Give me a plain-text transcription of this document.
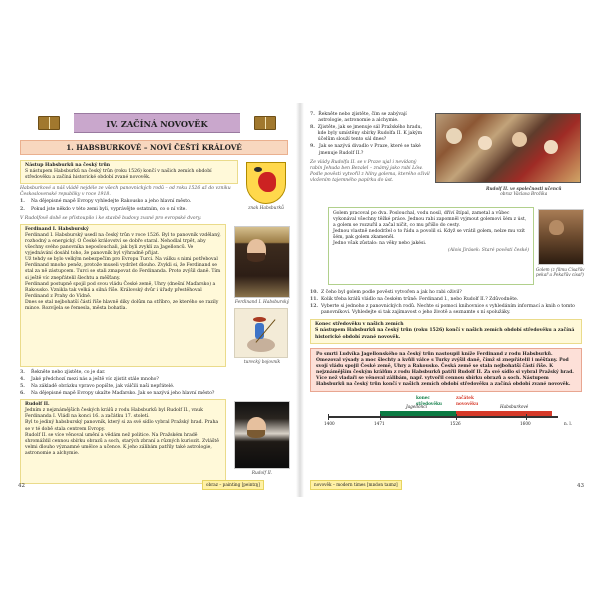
IV. ZAČÍNÁ NOVOVĚK
1. HABSBURKOVÉ – NOVÍ ČEŠTÍ KRÁLOVÉ

Nástup Habsburků na český trůn

S nástupem Habsburků na český trůn (roku 1526) končí v našich zemích období středověku a začíná historické období zvané novověk.

Habsburkové a náš vládě nejdéle ze všech panovnických rodů – od roku 1526 až do vzniku Československé republiky v roce 1918.

1.	Na dějepisné mapě Evropy vyhledejte Rakousko a jeho hlavní město.
2.	Pokud jste někdo v této zemi byli, vyprávějte ostatním, co o ní víte.	znak Habsburků

V Rudolfově době se přistoupilo i ke stavbě budovy zvané pro evropské dvory.

Ferdinand I. Habsburský

Ferdinand I. Habsburský usedl na český trůn v roce 1526. Byl to panovník vzdělaný, rozhodný a energický. O České království se dobře staral. Nehodlal trpět, aby všechny svého panovníka neposlouchali, jak byli zvyklí za Jagellonců. Ve vyjednávání dosáhl toho, že panovník byl výhradně přijat.

Už tehdy se bylo velkým nebezpečím pro Evropu Turci. Na válku s nimi potřeboval Ferdinand mnoho peněz, protože museli vydržet dlouho. Zvykli si, že Ferdinand se stal za ně zástupcem. Turci se stali zmapovat do Ferdinanda. Proto zvýšil daně. Tím si ještě víc znepřátelil šlechtu a měšťany.

Ferdinand postupně spojil pod svou vládu České země, Uhry (dnešní Maďarsko) a Rakousko. Vznikla tak velká a silná říše. Královský dvůr i úřady přestěhoval Ferdinand z Prahy do Vídně.

Dnes se stal nejbohatší částí říše hlavně díky dolům na stříbro, ze kterého se razily mince. Rozvíjela se řemesla, města bohatla.

Ferdinand I. Habsburský
turecký bojovník
3.	Řekněte nebo zjistěte, co je dar.
4.	Jaké předchozí mezi nás a ještě víc zjistit stále mnoho?
5.	Na základě obrázku vpravo popište, jak válčili naši nepřátelé.
6.	Na dějepisné mapě Evropy ukažte Maďarsko. Jak se nazývá jeho hlavní město?

Rudolf II.

Jedním z nejznámějších českých králů z rodu Habsburků byl Rudolf II., vnuk Ferdinanda I. Vládl na konci 16. a začátku 17. století.

Byl to jediný habsburský panovník, který si za své sídlo vybral Pražský hrad. Praha se v té době stala centrem Evropy.

Rudolf II. se více věnoval umění a vědám než politice. Na Pražském hradě shromáždil cennou sbírku obrazů a soch, starých zbraní a různých kuriozit. Zvláště velmi dlouho významné umělce a učence. K jeho zálibám patřily také astrologie, astronomie a alchymie.

Rudolf II.
42	obraz – painting [peintɪŋ]
7. Řekněte nebo zjistěte, čím se zabývají astrologie, astronomie a alchymie.
8. Zjistěte, jak se jmenuje sál Pražského hradu, kde byly umístěny sbírky Rudolfa II. K jakým účelům slouží tento sál dnes?
9. Jak se nazývá divadlo v Praze, které se také jmenuje Rudolf II.?

Ze vlády Rudolfa II. se v Praze ujal i nevídaný rabín Jehuda ben Bezalel – známý jako rabi Löw. Podle pověsti vytvořil z hlíny golema, kterého oživil vložením tajemného papírku do úst.

Rudolf II. ve společnosti učenců
obraz Václava Brožíka

Golem pracoval po dva. Poslouchal, vodu nosil, dříví štípal, zametal a vůbec vykonával všechny těžké práce. Jednou rabi zapomněl vyjmout golemovi šém z úst, a golem se rozzuřil a začal ničit, co mu přišlo do cesty.

Jednou vlastně nedodržel o to řádu a povolil si. Když se vrátil golem, nelze mu vzít šém, pak golem zkameněl.

Jedno však zůstalo: na věky nebo jakési.

(Alois Jirásek: Staré pověsti české)

Golem (z filmu Císařův pekař a Pekařův císař)
10. Z čeho byl golem podle pověsti vytvořen a jak ho rabi oživil?
11. Kolik třeba králů vládlo na českém trůně: Ferdinand I., nebo Rudolf II.? Zdůvodněte.
12. Vyberte si jednoho z panovnických rodů. Nechte si pomoci knihovnice s vyhledáním informací a knih o tomto panovníkovi. Vyhledejte si tak zajímavost o jeho životě a seznamte s ní spolužáky.

Konec středověku v našich zemích

S nástupem Habsburků na český trůn (roku 1526) končí v našich zemích období středověku a začíná historické období zvané novověk.

Po smrti Ludvíka Jagellonského na český trůn nastoupil kníže Ferdinand z rodu Habsburků. Omezoval výsady a moc šlechty a kvůli válce s Turky zvýšil daně, čímž si znepřátelil i měšťany. Pod svojí vládu spojil České země, Uhry a Rakousko. Česká země se stala nejbohatší částí říše. K nejznámějším českým králům z rodu Habsburků patřil Rudolf II. Za své sídlo si vybral Pražský hrad. Více než vladaři se věnoval zálibám, např. vytvořil cennou sbírku obrazů a soch. Nástupem Habsburků na český trůn končí v našich zemích období středověku a začíná období zvané novověk.

konec středověku
začátek novověku
Jagellonci	Habsburkové
1400	1471	1526	1600	n. l.
novověk – modern times [mɒdən taɪmz]	43
